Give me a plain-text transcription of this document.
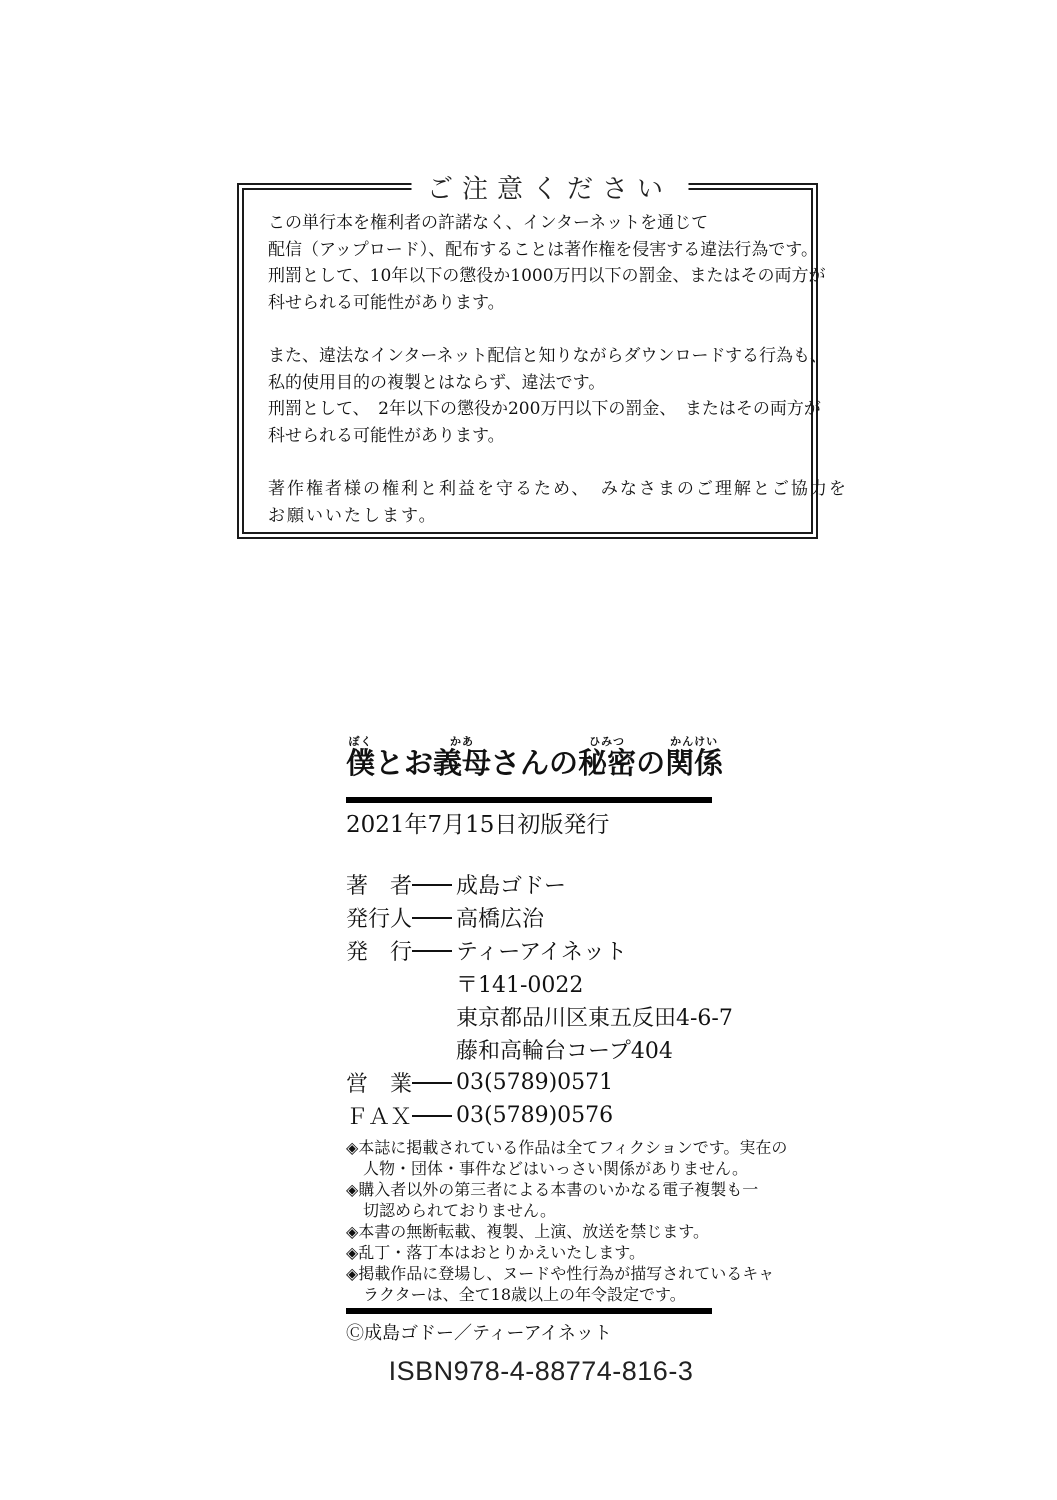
ご注意ください

この単行本を権利者の許諾なく、インターネットを通じて
配信（アップロード）、配布することは著作権を侵害する違法行為です。
刑罰として、10年以下の懲役か1000万円以下の罰金、またはその両方が
科せられる可能性があります。

また、違法なインターネット配信と知りながらダウンロードする行為も、
私的使用目的の複製とはならず、違法です。
刑罰として、　2年以下の懲役か200万円以下の罰金、　またはその両方が
科せられる可能性があります。

著作権者様の権利と利益を守るため、　みなさまのご理解とご協力を
お願いいたします。

僕ぼくとお義母かあさんの秘密ひみつの関係かんけい
2021年7月15日初版発行
著　者 成島ゴドー
発行人 高橋広治
発　行 ティーアイネット
〒141-0022
東京都品川区東五反田4-6-7
藤和高輪台コープ404
営　業 03(5789)0571
ＦＡＸ 03(5789)0576

◈本誌に掲載されている作品は全てフィクションです。実在の
人物・団体・事件などはいっさい関係がありません。

◈購入者以外の第三者による本書のいかなる電子複製も一
切認められておりません。

◈本書の無断転載、複製、上演、放送を禁じます。

◈乱丁・落丁本はおとりかえいたします。

◈掲載作品に登場し、ヌードや性行為が描写されているキャ
ラクターは、全て18歳以上の年令設定です。

Ⓒ成島ゴドー／ティーアイネット
ISBN978-4-88774-816-3
